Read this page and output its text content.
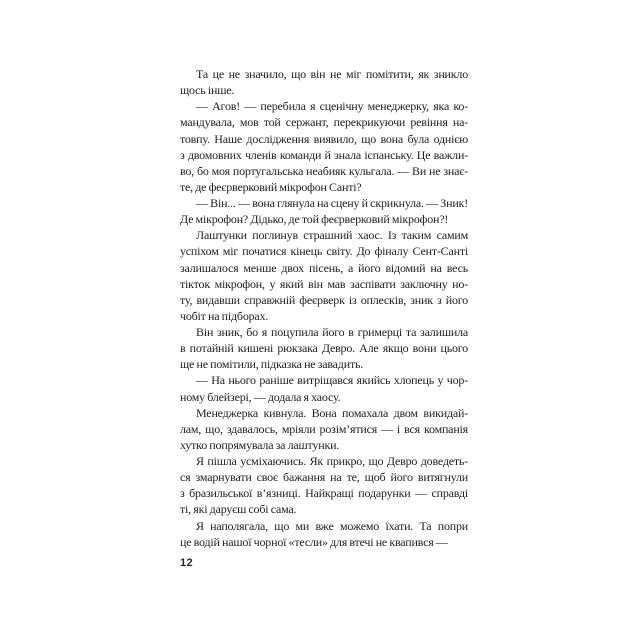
Та це не значило, що він не міг помітити, як зникло
щось інше.
— Агов! — перебила я сценічну менеджерку, яка ко-
мандувала, мов той сержант, перекрикуючи ревіння на-
товпу. Наше дослідження виявило, що вона була однією
з двомовних членів команди й знала іспанську. Це важли-
во, бо моя португальська неабияк кульгала. — Ви не знає-
те, де феєрверковий мікрофон Санті?
— Він... — вона глянула на сцену й скрикнула. — Зник!
Де мікрофон? Дідько, де той феєрверковий мікрофон?!
Лаштунки поглинув страшний хаос. Із таким самим
успіхом міг початися кінець світу. До фіналу Сент-Санті
залишалося менше двох пісень, а його відомий на весь
тікток мікрофон, у який він мав заспівати заключну но-
ту, видавши справжній феєрверк із оплесків, зник з його
чобіт на підборах.
Він зник, бо я поцупила його в гримерці та залишила
в потайній кишені рюкзака Девро. Але якщо вони цього
ще не помітили, підказка не завадить.
— На нього раніше витріщався якийсь хлопець у чор-
ному блейзері, — додала я хаосу.
Менеджерка кивнула. Вона помахала двом викидай-
лам, що, здавалось, мріяли розім’ятися — і вся компанія
хутко попрямувала за лаштунки.
Я пішла усміхаючись. Як прикро, що Девро доведеть-
ся змарнувати своє бажання на те, щоб його витягнули
з бразильської в’язниці. Найкращі подарунки — справді
ті, які даруєш собі сама.
Я наполягала, що ми вже можемо їхати. Та попри
це водій нашої чорної «тесли» для втечі не квапився —
12
